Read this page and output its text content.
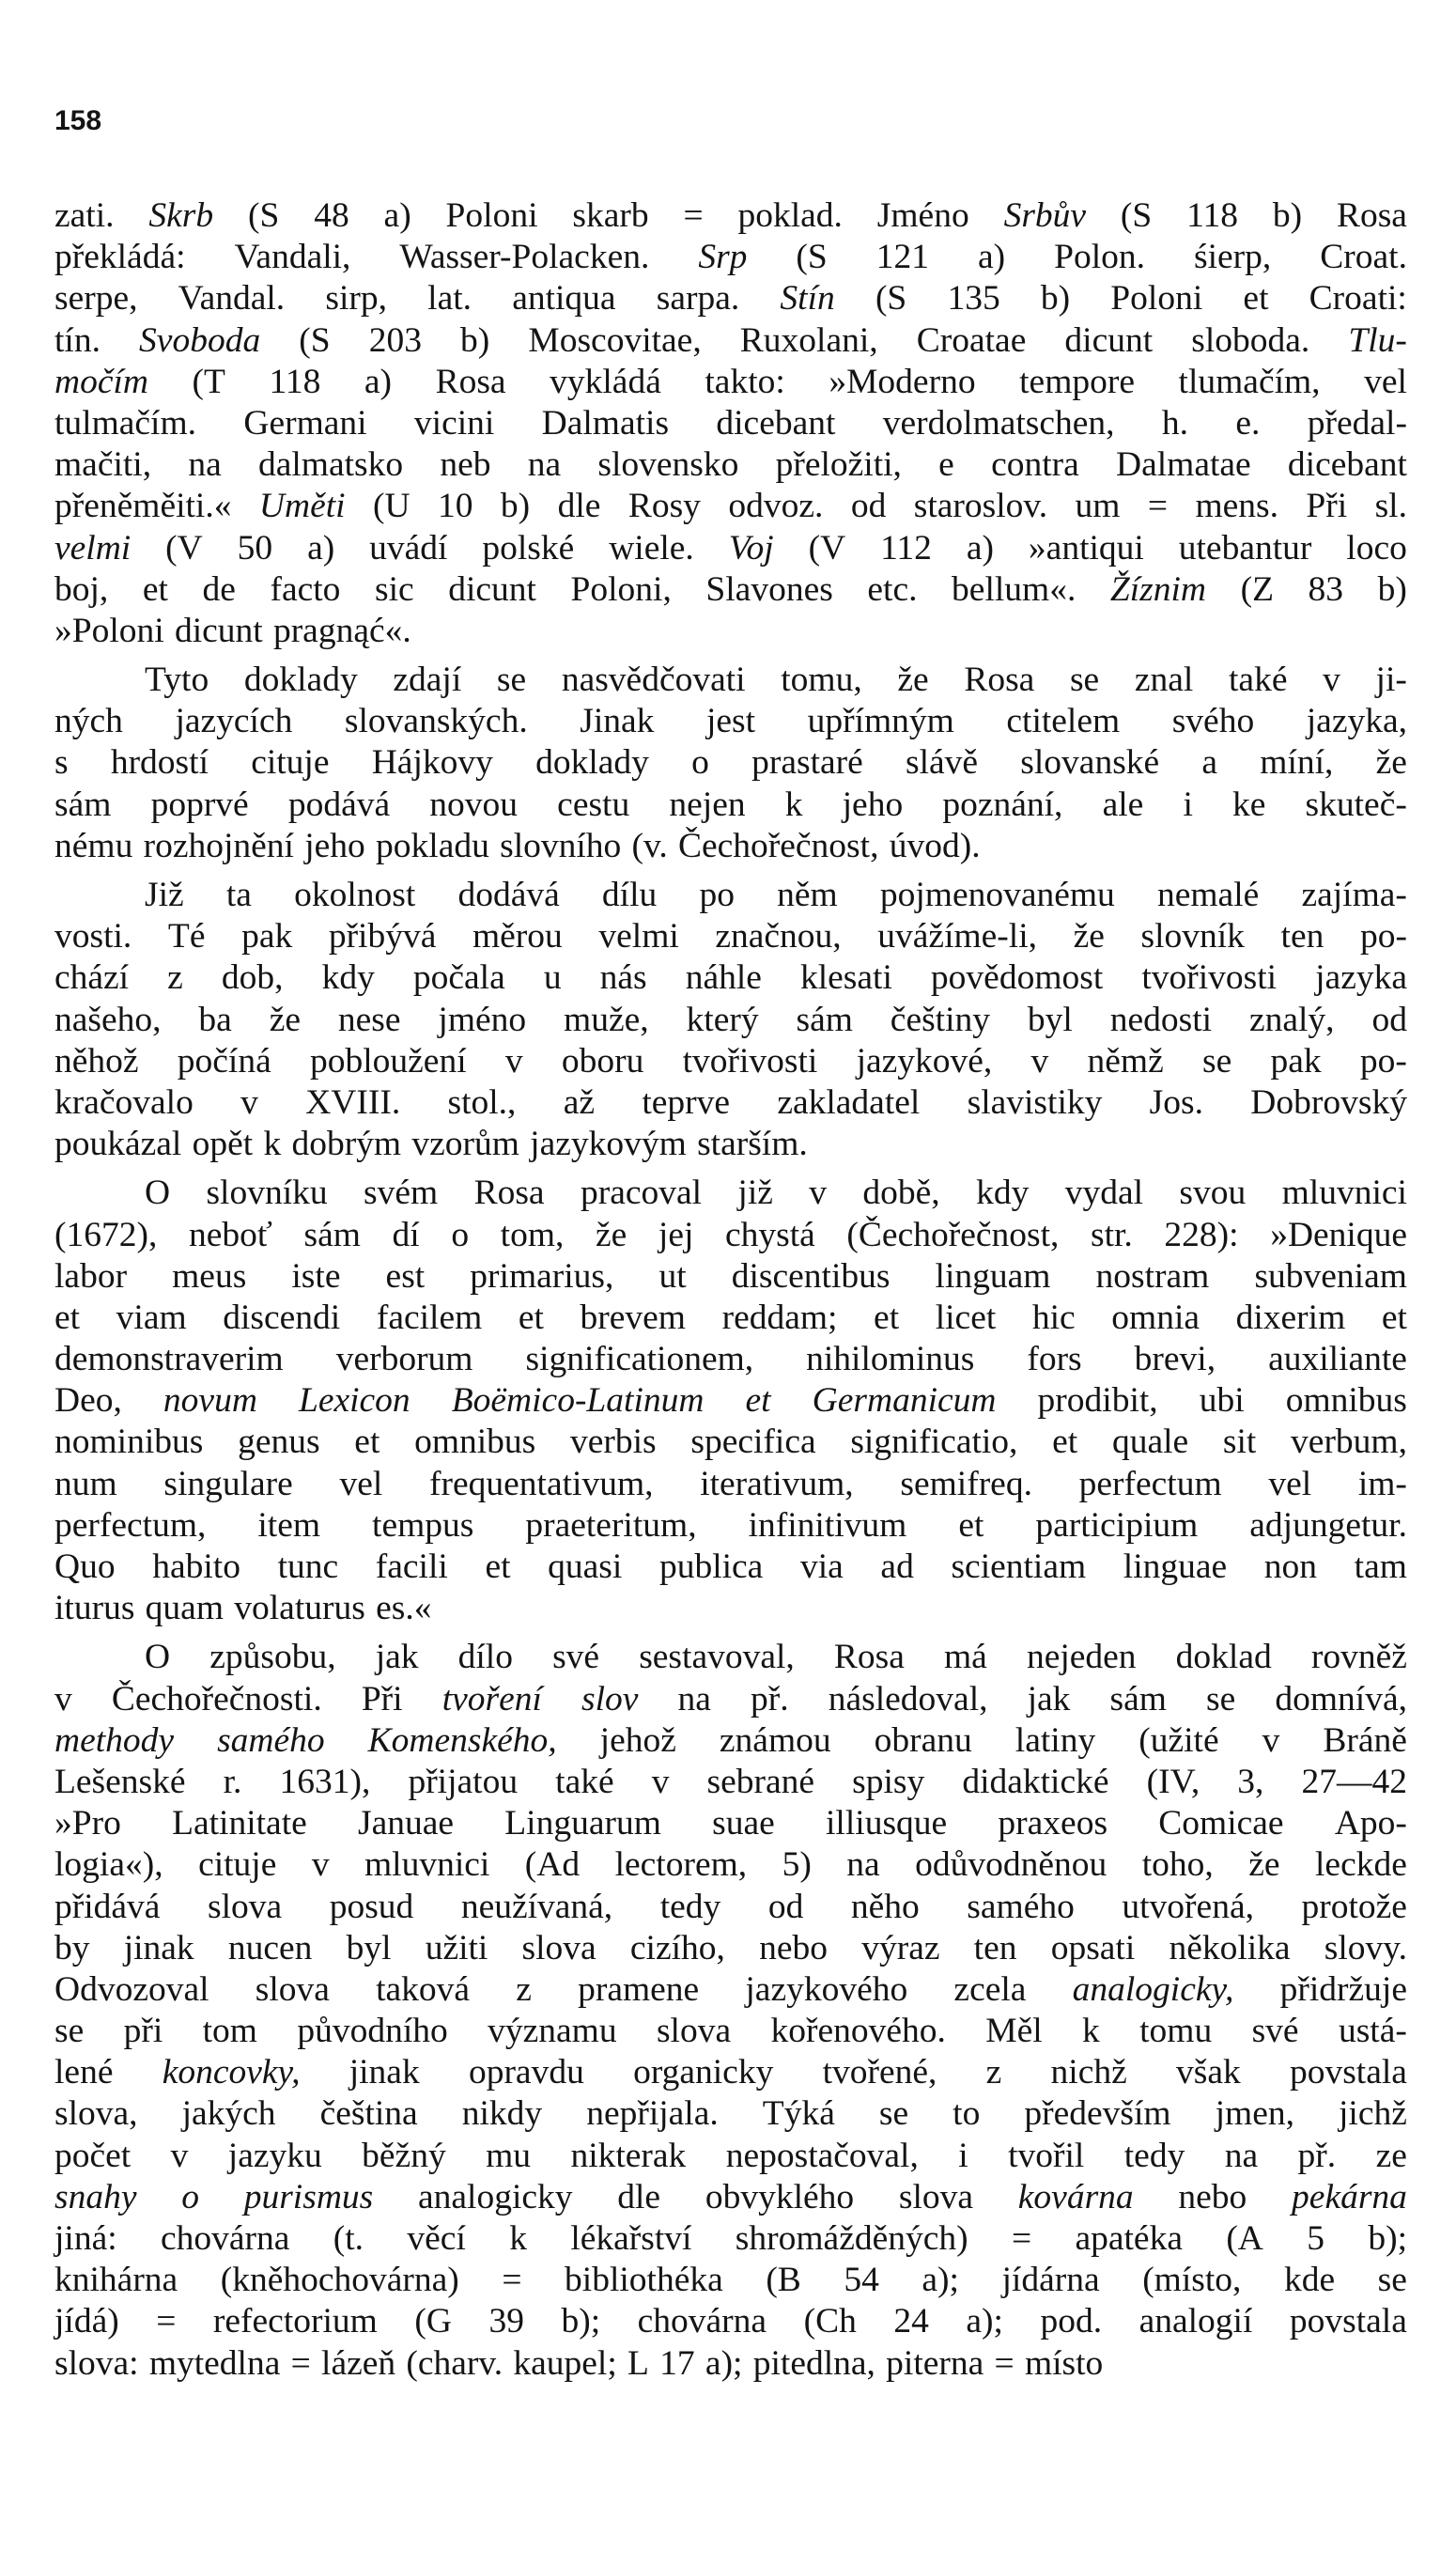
158
zati. Skrb (S 48 a) Poloni skarb = poklad. Jméno Srbův (S 118 b) Rosa
překládá: Vandali, Wasser-Polacken. Srp (S 121 a) Polon. śierp, Croat.
serpe, Vandal. sirp, lat. antiqua sarpa. Stín (S 135 b) Poloni et Croati:
tín. Svoboda (S 203 b) Moscovitae, Ruxolani, Croatae dicunt sloboda. Tlu-
močím (T 118 a) Rosa vykládá takto: »Moderno tempore tlumačím, vel
tulmačím. Germani vicini Dalmatis dicebant verdolmatschen, h. e. předal-
mačiti, na dalmatsko neb na slovensko přeložiti, e contra Dalmatae dicebant
přeněměiti.« Uměti (U 10 b) dle Rosy odvoz. od staroslov. um = mens. Při sl.
velmi (V 50 a) uvádí polské wiele. Voj (V 112 a) »antiqui utebantur loco
boj, et de facto sic dicunt Poloni, Slavones etc. bellum«. Žíznim (Z 83 b)
»Poloni dicunt pragnąć«.
Tyto doklady zdají se nasvědčovati tomu, že Rosa se znal také v ji-
ných jazycích slovanských. Jinak jest upřímným ctitelem svého jazyka,
s hrdostí cituje Hájkovy doklady o prastaré slávě slovanské a míní, že
sám poprvé podává novou cestu nejen k jeho poznání, ale i ke skuteč-
nému rozhojnění jeho pokladu slovního (v. Čechořečnost, úvod).
Již ta okolnost dodává dílu po něm pojmenovanému nemalé zajíma-
vosti. Té pak přibývá měrou velmi značnou, uvážíme-li, že slovník ten po-
chází z dob, kdy počala u nás náhle klesati povědomost tvořivosti jazyka
našeho, ba že nese jméno muže, který sám češtiny byl nedosti znalý, od
něhož počíná pobloužení v oboru tvořivosti jazykové, v němž se pak po-
kračovalo v XVIII. stol., až teprve zakladatel slavistiky Jos. Dobrovský
poukázal opět k dobrým vzorům jazykovým starším.
O slovníku svém Rosa pracoval již v době, kdy vydal svou mluvnici
(1672), neboť sám dí o tom, že jej chystá (Čechořečnost, str. 228): »Denique
labor meus iste est primarius, ut discentibus linguam nostram subveniam
et viam discendi facilem et brevem reddam; et licet hic omnia dixerim et
demonstraverim verborum significationem, nihilominus fors brevi, auxiliante
Deo, novum Lexicon Boëmico-Latinum et Germanicum prodibit, ubi omnibus
nominibus genus et omnibus verbis specifica significatio, et quale sit verbum,
num singulare vel frequentativum, iterativum, semifreq. perfectum vel im-
perfectum, item tempus praeteritum, infinitivum et participium adjungetur.
Quo habito tunc facili et quasi publica via ad scientiam linguae non tam
iturus quam volaturus es.«
O způsobu, jak dílo své sestavoval, Rosa má nejeden doklad rovněž
v Čechořečnosti. Při tvoření slov na př. následoval, jak sám se domnívá,
methody samého Komenského, jehož známou obranu latiny (užité v Bráně
Lešenské r. 1631), přijatou také v sebrané spisy didaktické (IV, 3, 27—42
»Pro Latinitate Januae Linguarum suae illiusque praxeos Comicae Apo-
logia«), cituje v mluvnici (Ad lectorem, 5) na odůvodněnou toho, že leckde
přidává slova posud neužívaná, tedy od něho samého utvořená, protože
by jinak nucen byl užiti slova cizího, nebo výraz ten opsati několika slovy.
Odvozoval slova taková z pramene jazykového zcela analogicky, přidržuje
se při tom původního významu slova kořenového. Měl k tomu své ustá-
lené koncovky, jinak opravdu organicky tvořené, z nichž však povstala
slova, jakých čeština nikdy nepřijala. Týká se to především jmen, jichž
počet v jazyku běžný mu nikterak nepostačoval, i tvořil tedy na př. ze
snahy o purismus analogicky dle obvyklého slova kovárna nebo pekárna
jiná: chovárna (t. věcí k lékařství shromážděných) = apatéka (A 5 b);
knihárna (kněhochovárna) = bibliothéka (B 54 a); jídárna (místo, kde se
jídá) = refectorium (G 39 b); chovárna (Ch 24 a); pod. analogií povstala
slova: mytedlna = lázeň (charv. kaupel; L 17 a); pitedlna, piterna = místo
